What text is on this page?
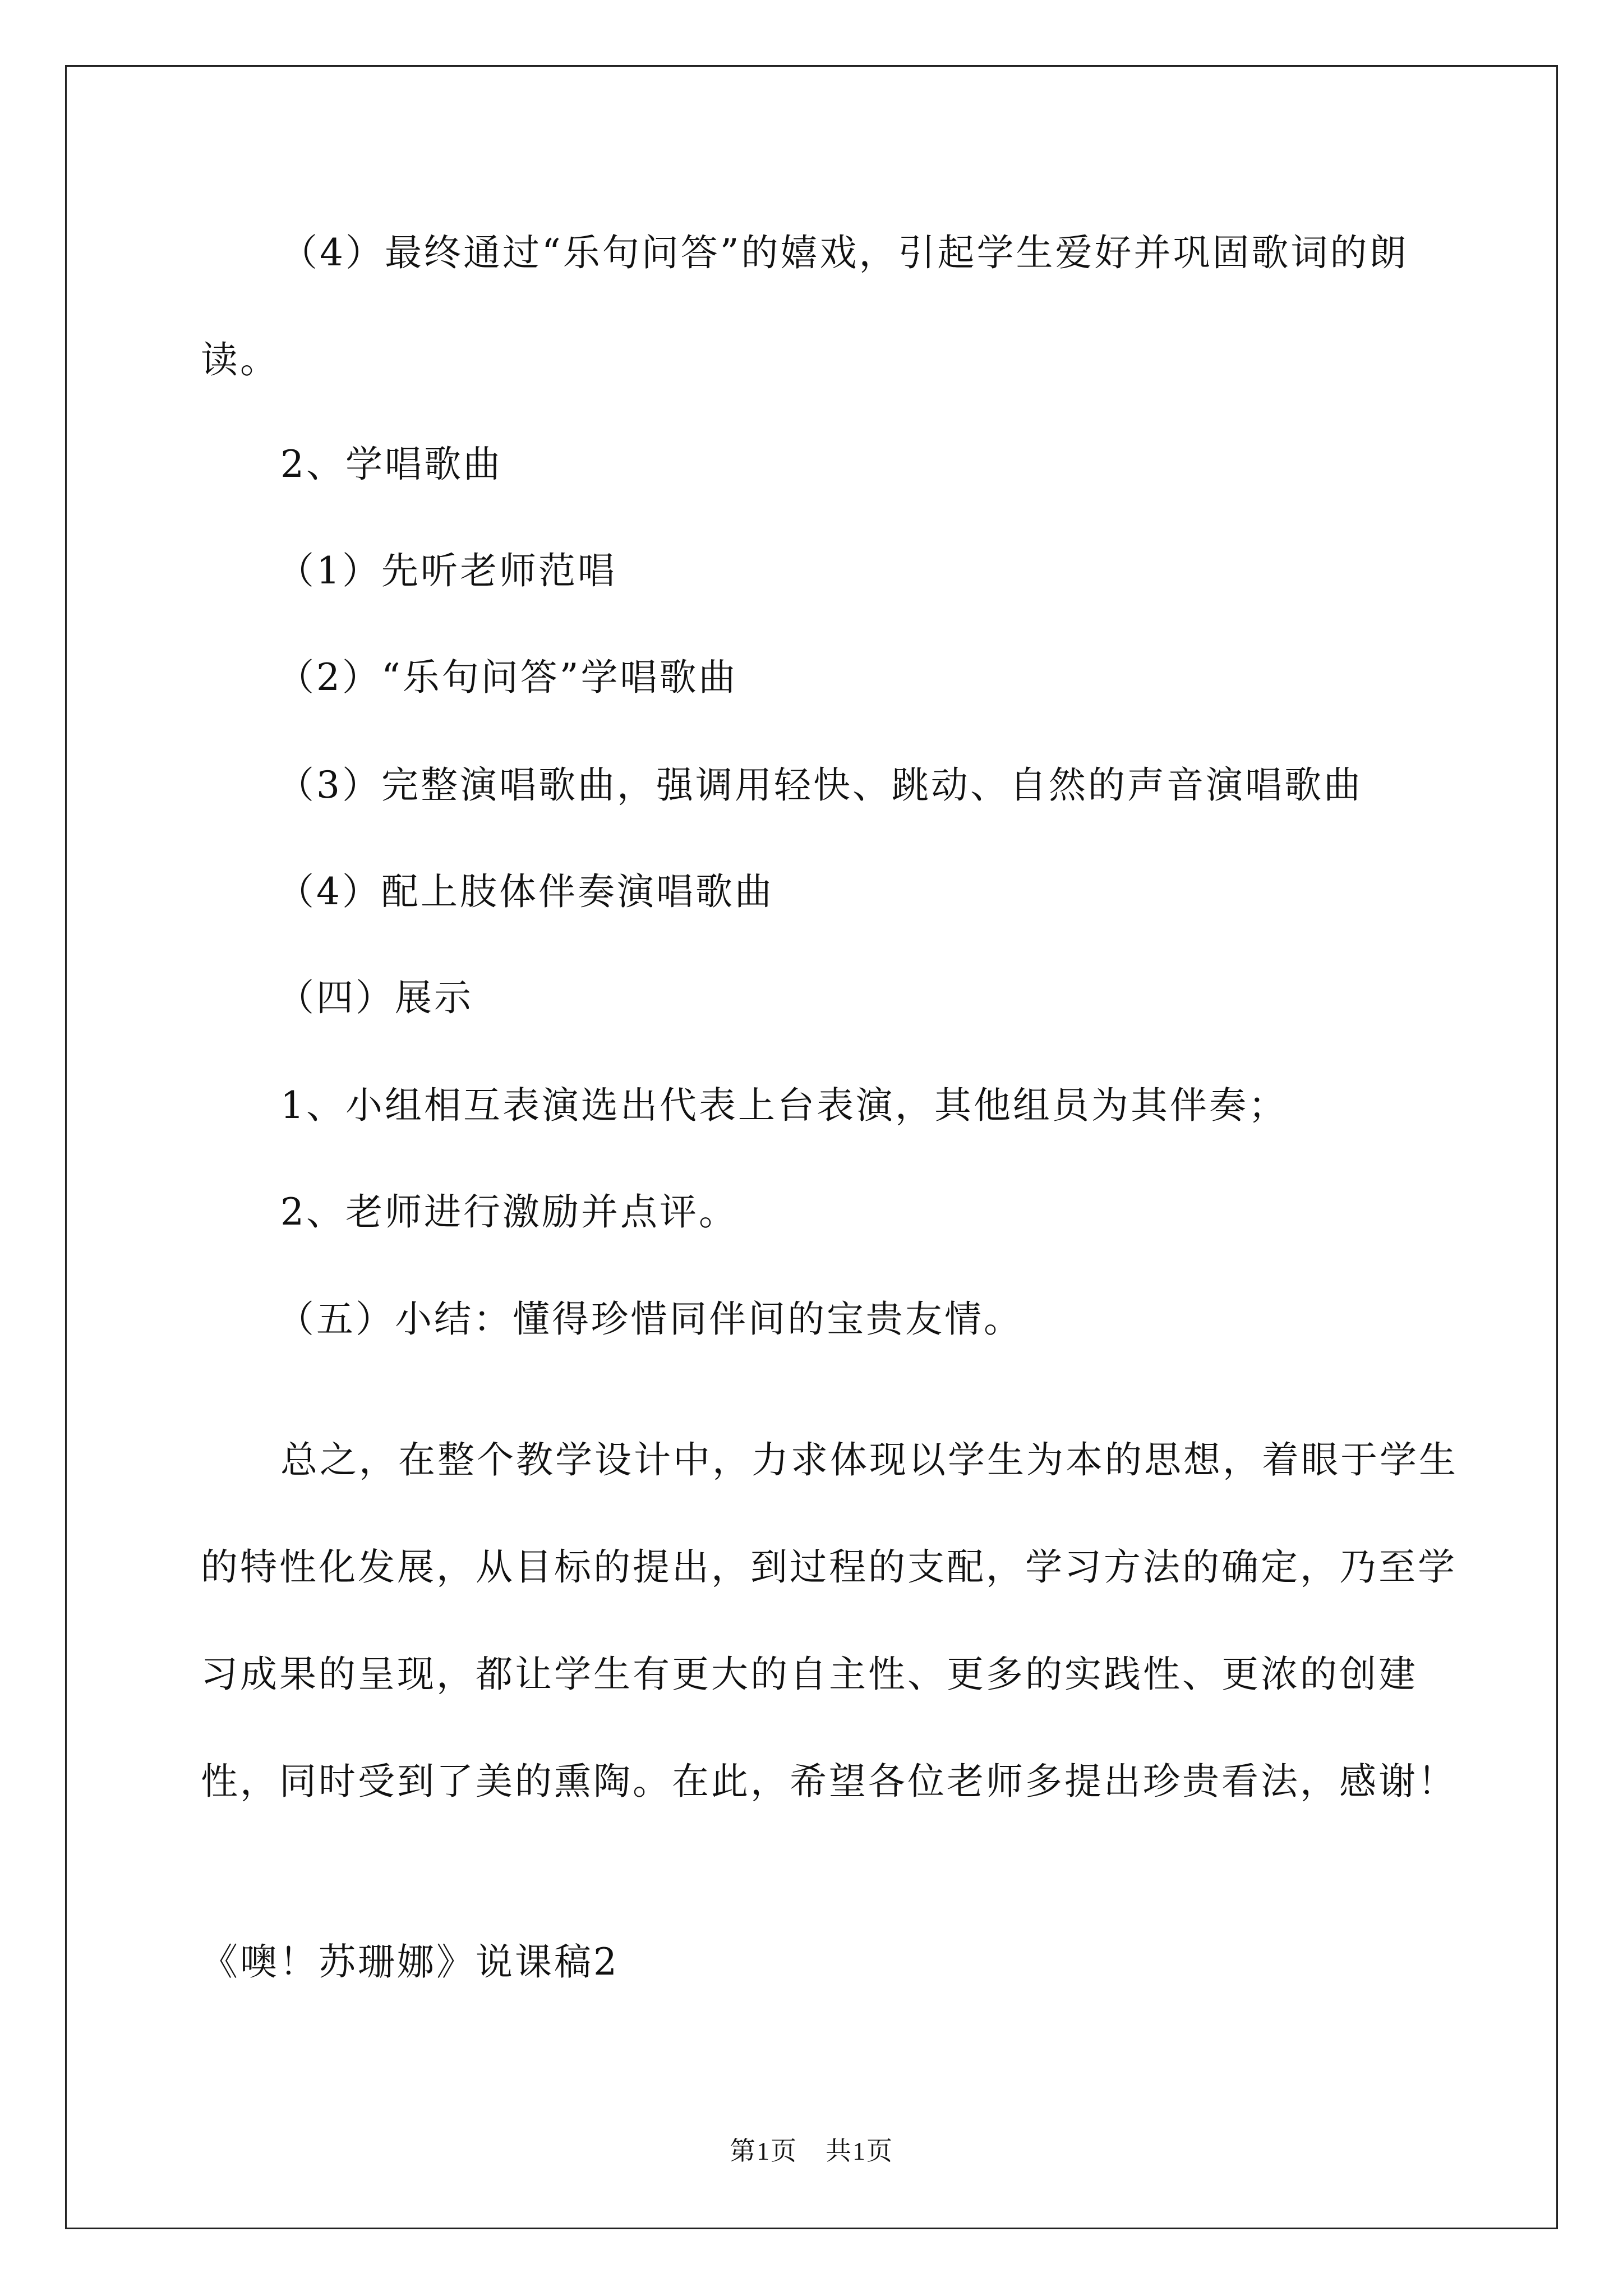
（4）最终通过“乐句问答”的嬉戏，引起学生爱好并巩固歌词的朗读。
2、学唱歌曲
（1）先听老师范唱
（2）“乐句问答”学唱歌曲
（3）完整演唱歌曲，强调用轻快、跳动、自然的声音演唱歌曲
（4）配上肢体伴奏演唱歌曲
（四）展示
1、小组相互表演选出代表上台表演，其他组员为其伴奏；
2、老师进行激励并点评。
（五）小结：懂得珍惜同伴间的宝贵友情。
总之，在整个教学设计中，力求体现以学生为本的思想，着眼于学生的特性化发展，从目标的提出，到过程的支配，学习方法的确定，乃至学习成果的呈现，都让学生有更大的自主性、更多的实践性、更浓的创建性，同时受到了美的熏陶。在此，希望各位老师多提出珍贵看法，感谢！
《噢！苏珊娜》说课稿2
第1页 共1页
